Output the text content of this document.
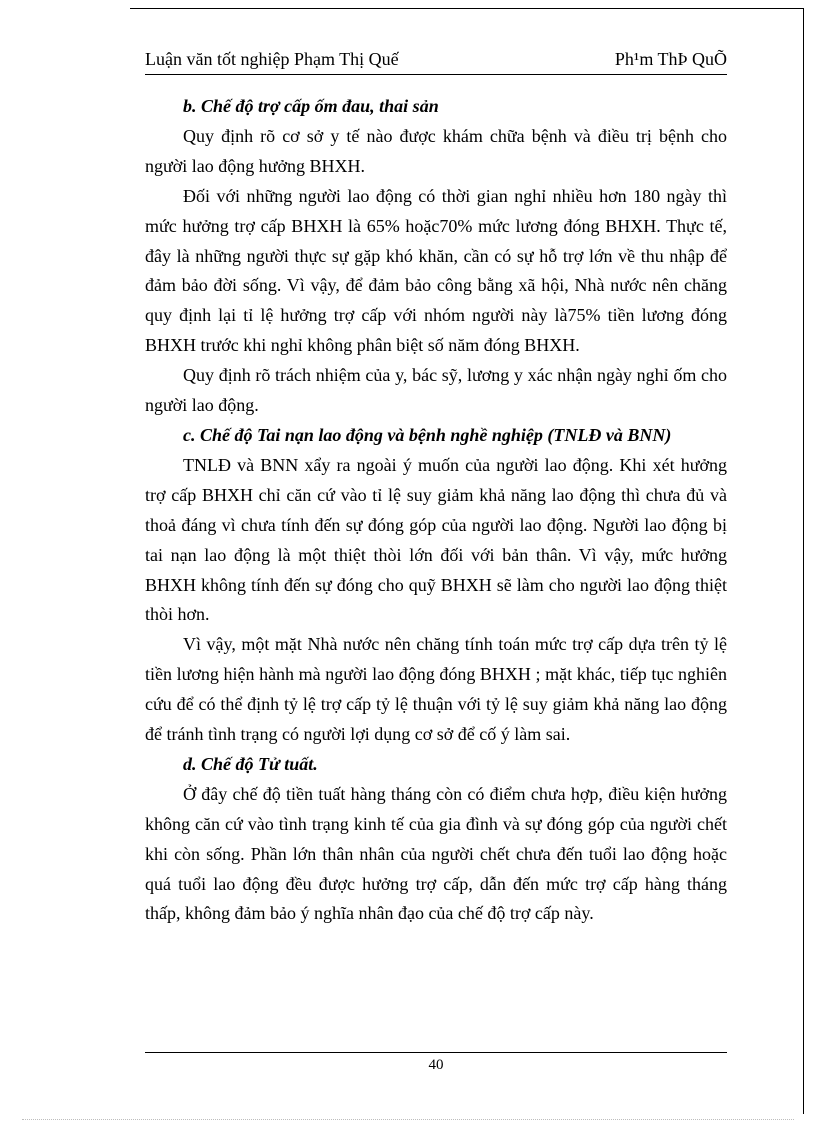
Luận văn tốt nghiệp Phạm Thị Quế	Ph¹m ThÞ QuÕ
b. Chế độ trợ cấp ốm đau, thai sản

Quy định rõ cơ sở y tế nào được khám chữa bệnh và điều trị bệnh cho người lao động hưởng BHXH.

Đối với những người lao động có thời gian nghỉ nhiều hơn 180 ngày thì mức hưởng trợ cấp BHXH là 65% hoặc70% mức lương đóng BHXH. Thực tế, đây là những người thực sự gặp khó khăn, cần có sự hỗ trợ lớn về thu nhập để đảm bảo đời sống. Vì vậy, để đảm bảo công bằng xã hội, Nhà nước nên chăng quy định lại tỉ lệ hưởng trợ cấp với nhóm người này là75% tiền lương đóng BHXH trước khi nghỉ không phân biệt số năm đóng BHXH.

Quy định rõ trách nhiệm của y, bác sỹ, lương y xác nhận ngày nghỉ ốm cho người lao động.

c. Chế độ Tai nạn lao động và bệnh nghề nghiệp (TNLĐ và BNN)

TNLĐ và BNN xẩy ra ngoài ý muốn của người lao động. Khi xét hưởng trợ cấp BHXH chỉ căn cứ vào tỉ lệ suy giảm khả năng lao động thì chưa đủ và thoả đáng vì chưa tính đến sự đóng góp của người lao động. Người lao động bị tai nạn lao động là một thiệt thòi lớn đối với bản thân. Vì vậy, mức hưởng BHXH không tính đến sự đóng cho quỹ BHXH sẽ làm cho người lao động thiệt thòi hơn.

Vì vậy, một mặt Nhà nước nên chăng tính toán mức trợ cấp dựa trên tỷ lệ tiền lương hiện hành mà người lao động đóng BHXH ; mặt khác, tiếp tục nghiên cứu để có thể định tỷ lệ trợ cấp tỷ lệ thuận với tỷ lệ suy giảm khả năng lao động để tránh tình trạng có người lợi dụng cơ sở để cố ý làm sai.

d. Chế độ Tử tuất.

Ở đây chế độ tiền tuất hàng tháng còn có điểm chưa hợp, điều kiện hưởng không căn cứ vào tình trạng kinh tế của gia đình và sự đóng góp của người chết khi còn sống. Phần lớn thân nhân của người chết chưa đến tuổi lao động hoặc quá tuổi lao động đều được hưởng trợ cấp, dẫn đến mức trợ cấp hàng tháng thấp, không đảm bảo ý nghĩa nhân đạo của chế độ trợ cấp này.

40
